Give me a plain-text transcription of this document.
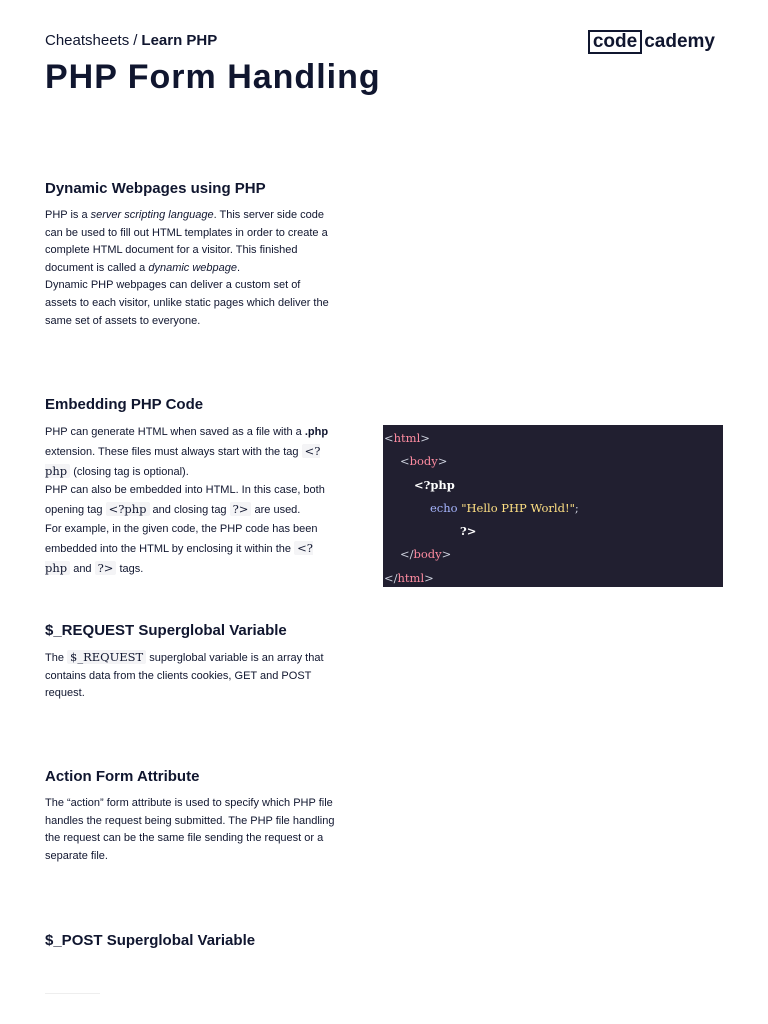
Cheatsheets / Learn PHP	code cademy
PHP Form Handling
Dynamic Webpages using PHP

PHP is a server scripting language. This server side code can be used to fill out HTML templates in order to create a complete HTML document for a visitor. This finished document is called a dynamic webpage.
Dynamic PHP webpages can deliver a custom set of assets to each visitor, unlike static pages which deliver the same set of assets to everyone.

Embedding PHP Code

PHP can generate HTML when saved as a file with a .php extension. These files must always start with the tag <?php (closing tag is optional).
PHP can also be embedded into HTML. In this case, both opening tag <?php and closing tag ?> are used.
For example, in the given code, the PHP code has been embedded into the HTML by enclosing it within the <?php and ?> tags.

<html>
<body>
<?php
echo "Hello PHP World!";
?>
</body>
</html>
$_REQUEST Superglobal Variable

The $_REQUEST superglobal variable is an array that contains data from the clients cookies, GET and POST request.

Action Form Attribute

The “action” form attribute is used to specify which PHP file handles the request being submitted. The PHP file handling the request can be the same file sending the request or a separate file.

$_POST Superglobal Variable
